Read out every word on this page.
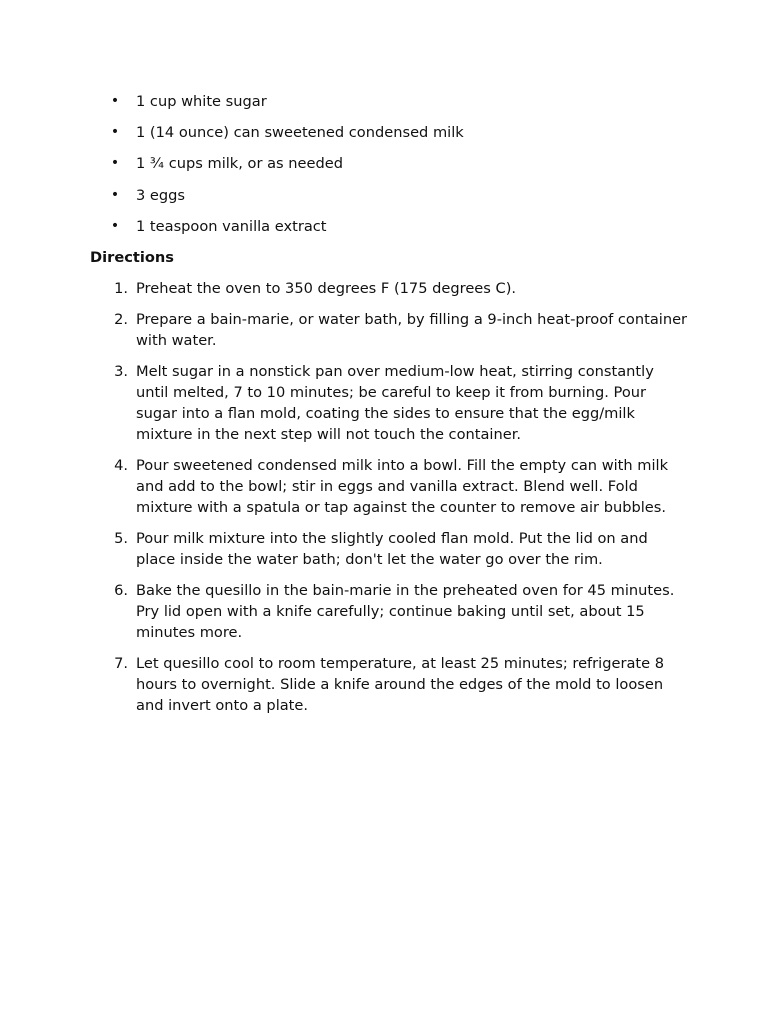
• 1 cup white sugar
• 1 (14 ounce) can sweetened condensed milk
• 1 ¾ cups milk, or as needed
• 3 eggs
• 1 teaspoon vanilla extract
Directions
1. Preheat the oven to 350 degrees F (175 degrees C).
2. Prepare a bain-marie, or water bath, by filling a 9-inch heat-proof container with water.
3. Melt sugar in a nonstick pan over medium-low heat, stirring constantly until melted, 7 to 10 minutes; be careful to keep it from burning. Pour sugar into a flan mold, coating the sides to ensure that the egg/milk mixture in the next step will not touch the container.
4. Pour sweetened condensed milk into a bowl. Fill the empty can with milk and add to the bowl; stir in eggs and vanilla extract. Blend well. Fold mixture with a spatula or tap against the counter to remove air bubbles.
5. Pour milk mixture into the slightly cooled flan mold. Put the lid on and place inside the water bath; don't let the water go over the rim.
6. Bake the quesillo in the bain-marie in the preheated oven for 45 minutes. Pry lid open with a knife carefully; continue baking until set, about 15 minutes more.
7. Let quesillo cool to room temperature, at least 25 minutes; refrigerate 8 hours to overnight. Slide a knife around the edges of the mold to loosen and invert onto a plate.
